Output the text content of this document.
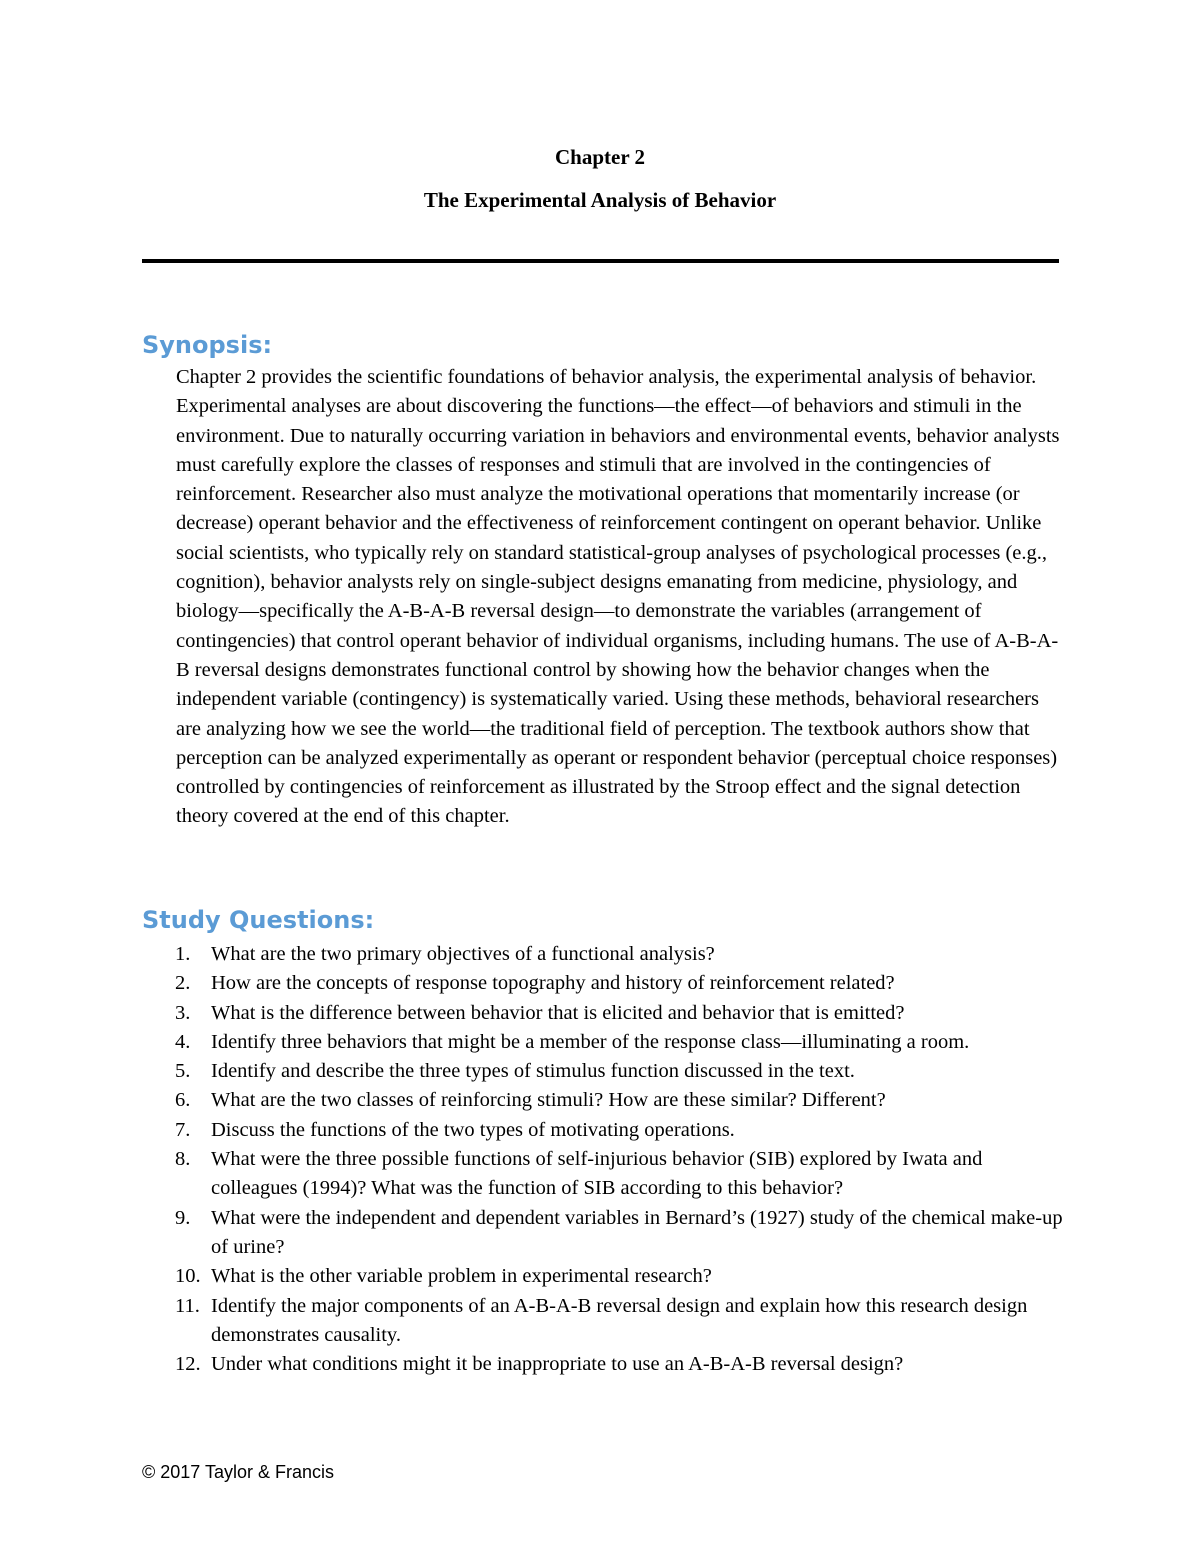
Chapter 2
The Experimental Analysis of Behavior
Synopsis:

Chapter 2 provides the scientific foundations of behavior analysis, the experimental analysis of behavior. Experimental analyses are about discovering the functions—the effect—of behaviors and stimuli in the environment. Due to naturally occurring variation in behaviors and environmental events, behavior analysts must carefully explore the classes of responses and stimuli that are involved in the contingencies of reinforcement. Researcher also must analyze the motivational operations that momentarily increase (or decrease) operant behavior and the effectiveness of reinforcement contingent on operant behavior. Unlike social scientists, who typically rely on standard statistical-group analyses of psychological processes (e.g., cognition), behavior analysts rely on single-subject designs emanating from medicine, physiology, and biology—specifically the A-B-A-B reversal design—to demonstrate the variables (arrangement of contingencies) that control operant behavior of individual organisms, including humans. The use of A-B-A-B reversal designs demonstrates functional control by showing how the behavior changes when the independent variable (contingency) is systematically varied. Using these methods, behavioral researchers are analyzing how we see the world—the traditional field of perception. The textbook authors show that perception can be analyzed experimentally as operant or respondent behavior (perceptual choice responses) controlled by contingencies of reinforcement as illustrated by the Stroop effect and the signal detection theory covered at the end of this chapter.

Study Questions:
1. What are the two primary objectives of a functional analysis?
2. How are the concepts of response topography and history of reinforcement related?
3. What is the difference between behavior that is elicited and behavior that is emitted?
4. Identify three behaviors that might be a member of the response class—illuminating a room.
5. Identify and describe the three types of stimulus function discussed in the text.
6. What are the two classes of reinforcing stimuli? How are these similar? Different?
7. Discuss the functions of the two types of motivating operations.
8. What were the three possible functions of self-injurious behavior (SIB) explored by Iwata and colleagues (1994)? What was the function of SIB according to this behavior?
9. What were the independent and dependent variables in Bernard’s (1927) study of the chemical make-up of urine?
10. What is the other variable problem in experimental research?
11. Identify the major components of an A-B-A-B reversal design and explain how this research design demonstrates causality.
12. Under what conditions might it be inappropriate to use an A-B-A-B reversal design?
© 2017 Taylor & Francis
